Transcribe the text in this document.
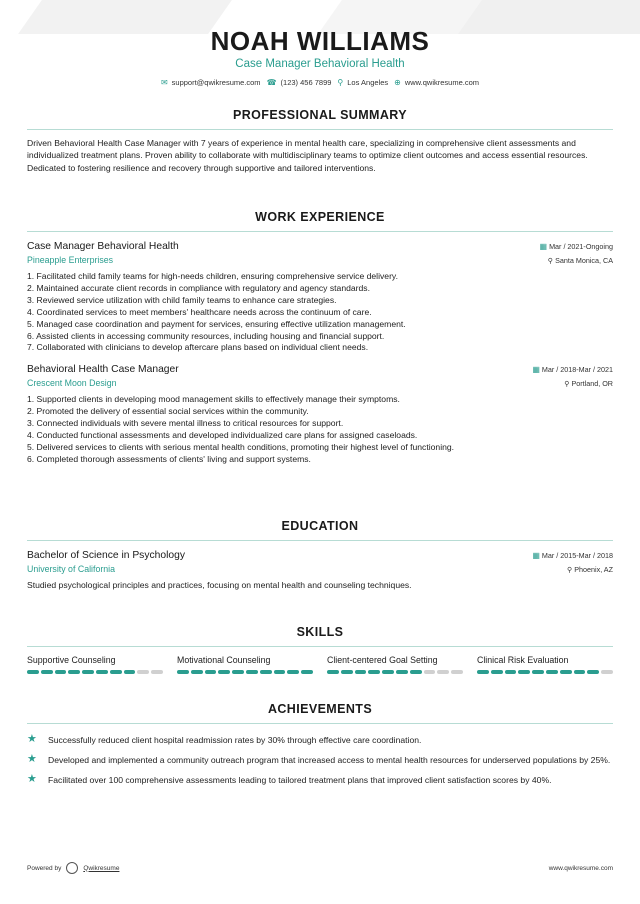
NOAH WILLIAMS
Case Manager Behavioral Health
✉ support@qwikresume.com ☎ (123) 456 7899 ⚲ Los Angeles ⊕ www.qwikresume.com
PROFESSIONAL SUMMARY
Driven Behavioral Health Case Manager with 7 years of experience in mental health care, specializing in comprehensive client assessments and individualized treatment plans. Proven ability to collaborate with multidisciplinary teams to optimize client outcomes and access essential resources. Dedicated to fostering resilience and recovery through supportive and tailored interventions.
WORK EXPERIENCE
Case Manager Behavioral Health	▦ Mar / 2021-Ongoing
Pineapple Enterprises	⚲ Santa Monica, CA
1. Facilitated child family teams for high-needs children, ensuring comprehensive service delivery.
2. Maintained accurate client records in compliance with regulatory and agency standards.
3. Reviewed service utilization with child family teams to enhance care strategies.
4. Coordinated services to meet members' healthcare needs across the continuum of care.
5. Managed case coordination and payment for services, ensuring effective utilization management.
6. Assisted clients in accessing community resources, including housing and financial support.
7. Collaborated with clinicians to develop aftercare plans based on individual client needs.
Behavioral Health Case Manager	▦ Mar / 2018-Mar / 2021
Crescent Moon Design	⚲ Portland, OR
1. Supported clients in developing mood management skills to effectively manage their symptoms.
2. Promoted the delivery of essential social services within the community.
3. Connected individuals with severe mental illness to critical resources for support.
4. Conducted functional assessments and developed individualized care plans for assigned caseloads.
5. Delivered services to clients with serious mental health conditions, promoting their highest level of functioning.
6. Completed thorough assessments of clients' living and support systems.
EDUCATION
Bachelor of Science in Psychology	▦ Mar / 2015-Mar / 2018
University of California	⚲ Phoenix, AZ
Studied psychological principles and practices, focusing on mental health and counseling techniques.
SKILLS
Supportive Counseling	Motivational Counseling	Client-centered Goal Setting	Clinical Risk Evaluation
ACHIEVEMENTS
★	Successfully reduced client hospital readmission rates by 30% through effective care coordination.
★	Developed and implemented a community outreach program that increased access to mental health resources for underserved populations by 25%.
★	Facilitated over 100 comprehensive assessments leading to tailored treatment plans that improved client satisfaction scores by 40%.
Powered by	Qwikresume	www.qwikresume.com
